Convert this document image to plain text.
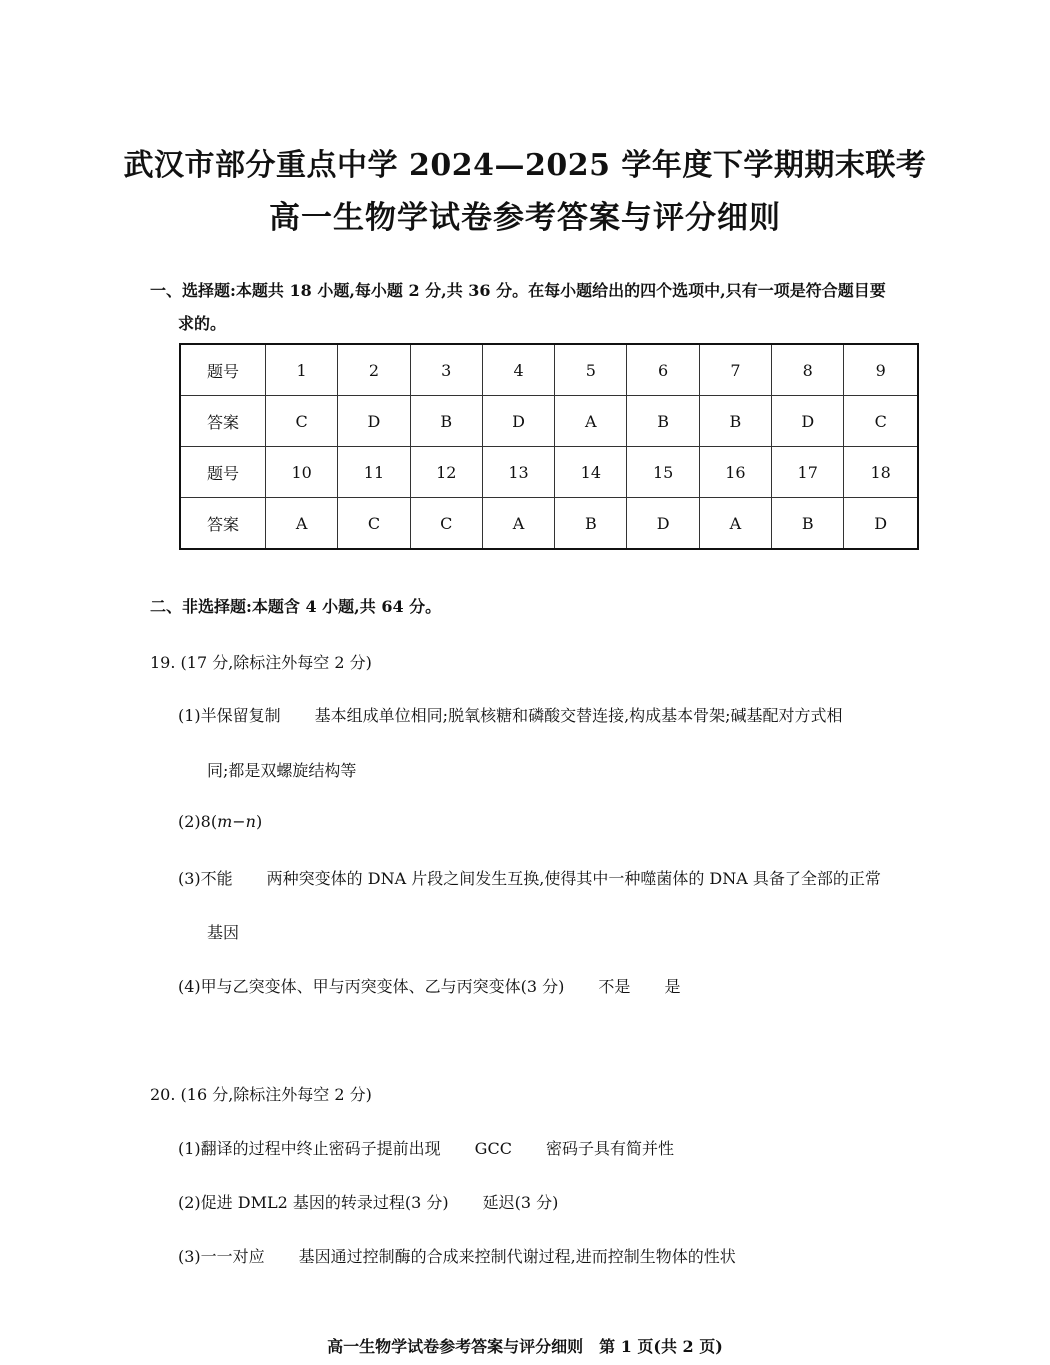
武汉市部分重点中学 2024—2025 学年度下学期期末联考
高一生物学试卷参考答案与评分细则
一、选择题:本题共 18 小题,每小题 2 分,共 36 分。在每小题给出的四个选项中,只有一项是符合题目要
求的。
题号	1	2	3	4	5	6	7	8	9
答案	C	D	B	D	A	B	B	D	C
题号	10	11	12	13	14	15	16	17	18
答案	A	C	C	A	B	D	A	B	D
二、非选择题:本题含 4 小题,共 64 分。
19. (17 分,除标注外每空 2 分)
(1)半保留复制 基本组成单位相同;脱氧核糖和磷酸交替连接,构成基本骨架;碱基配对方式相
同;都是双螺旋结构等
(2)8(m−n)
(3)不能 两种突变体的 DNA 片段之间发生互换,使得其中一种噬菌体的 DNA 具备了全部的正常
基因
(4)甲与乙突变体、甲与丙突变体、乙与丙突变体(3 分) 不是 是
20. (16 分,除标注外每空 2 分)
(1)翻译的过程中终止密码子提前出现 GCC 密码子具有简并性
(2)促进 DML2 基因的转录过程(3 分) 延迟(3 分)
(3)一一对应 基因通过控制酶的合成来控制代谢过程,进而控制生物体的性状
高一生物学试卷参考答案与评分细则　第 1 页(共 2 页)
